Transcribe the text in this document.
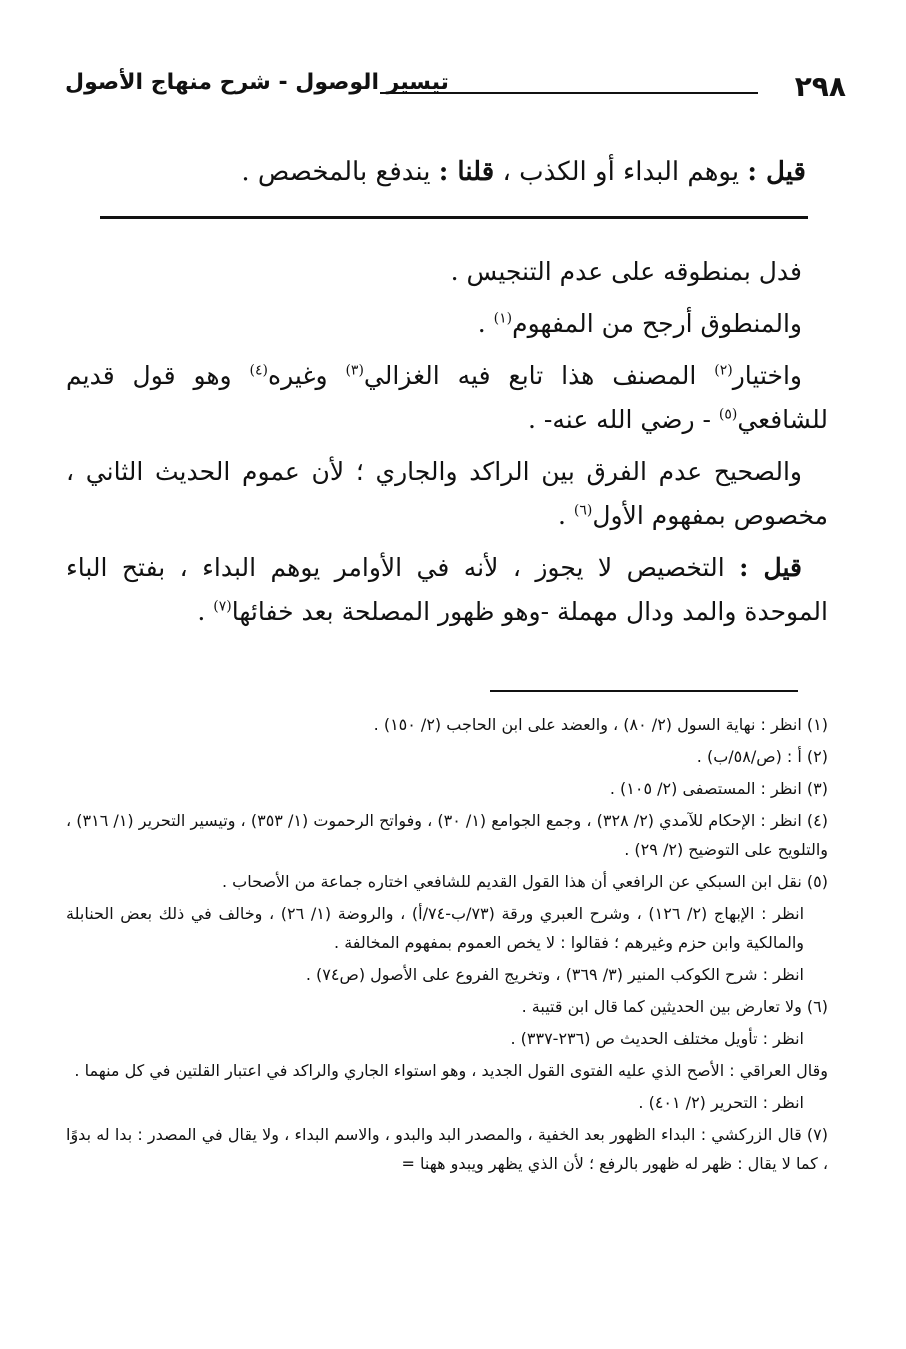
٢٩٨
تيسير الوصول - شرح منهاج الأصول
قيل : يوهم البداء أو الكذب ، قلنا : يندفع بالمخصص .

فدل بمنطوقه على عدم التنجيس .

والمنطوق أرجح من المفهوم$^{(١)}$ .

واختيار$^{(٢)}$ المصنف هذا تابع فيه الغزالي$^{(٣)}$ وغيره$^{(٤)}$ وهو قول قديم للشافعي$^{(٥)}$ - رضي الله عنه- .

والصحيح عدم الفرق بين الراكد والجاري ؛ لأن عموم الحديث الثاني ، مخصوص بمفهوم الأول$^{(٦)}$ .

قيل : التخصيص لا يجوز ، لأنه في الأوامر يوهم البداء ، بفتح الباء الموحدة والمد ودال مهملة -وهو ظهور المصلحة بعد خفائها$^{(٧)}$ .

(١) انظر : نهاية السول (٢/ ٨٠) ، والعضد على ابن الحاجب (٢/ ١٥٠) .

(٢) أ : (ص/٥٨/ب) .

(٣) انظر : المستصفى (٢/ ١٠٥) .

(٤) انظر : الإحكام للآمدي (٢/ ٣٢٨) ، وجمع الجوامع (١/ ٣٠) ، وفواتح الرحموت (١/ ٣٥٣) ، وتيسير التحرير (١/ ٣١٦) ، والتلويح على التوضيح (٢/ ٢٩) .

(٥) نقل ابن السبكي عن الرافعي أن هذا القول القديم للشافعي اختاره جماعة من الأصحاب .

انظر : الإبهاج (٢/ ١٢٦) ، وشرح العبري ورقة (٧٣/ب-٧٤/أ) ، والروضة (١/ ٢٦) ، وخالف في ذلك بعض الحنابلة والمالكية وابن حزم وغيرهم ؛ فقالوا : لا يخص العموم بمفهوم المخالفة .

انظر : شرح الكوكب المنير (٣/ ٣٦٩) ، وتخريج الفروع على الأصول (ص٧٤) .

(٦) ولا تعارض بين الحديثين كما قال ابن قتيبة .

انظر : تأويل مختلف الحديث ص (٢٣٦-٣٣٧) .

وقال العراقي : الأصح الذي عليه الفتوى القول الجديد ، وهو استواء الجاري والراكد في اعتبار القلتين في كل منهما .

انظر : التحرير (٢/ ٤٠١) .

(٧) قال الزركشي : البداء الظهور بعد الخفية ، والمصدر البد والبدو ، والاسم البداء ، ولا يقال في المصدر : بدا له بدوًا ، كما لا يقال : ظهر له ظهور بالرفع ؛ لأن الذي يظهر ويبدو ههنا =
